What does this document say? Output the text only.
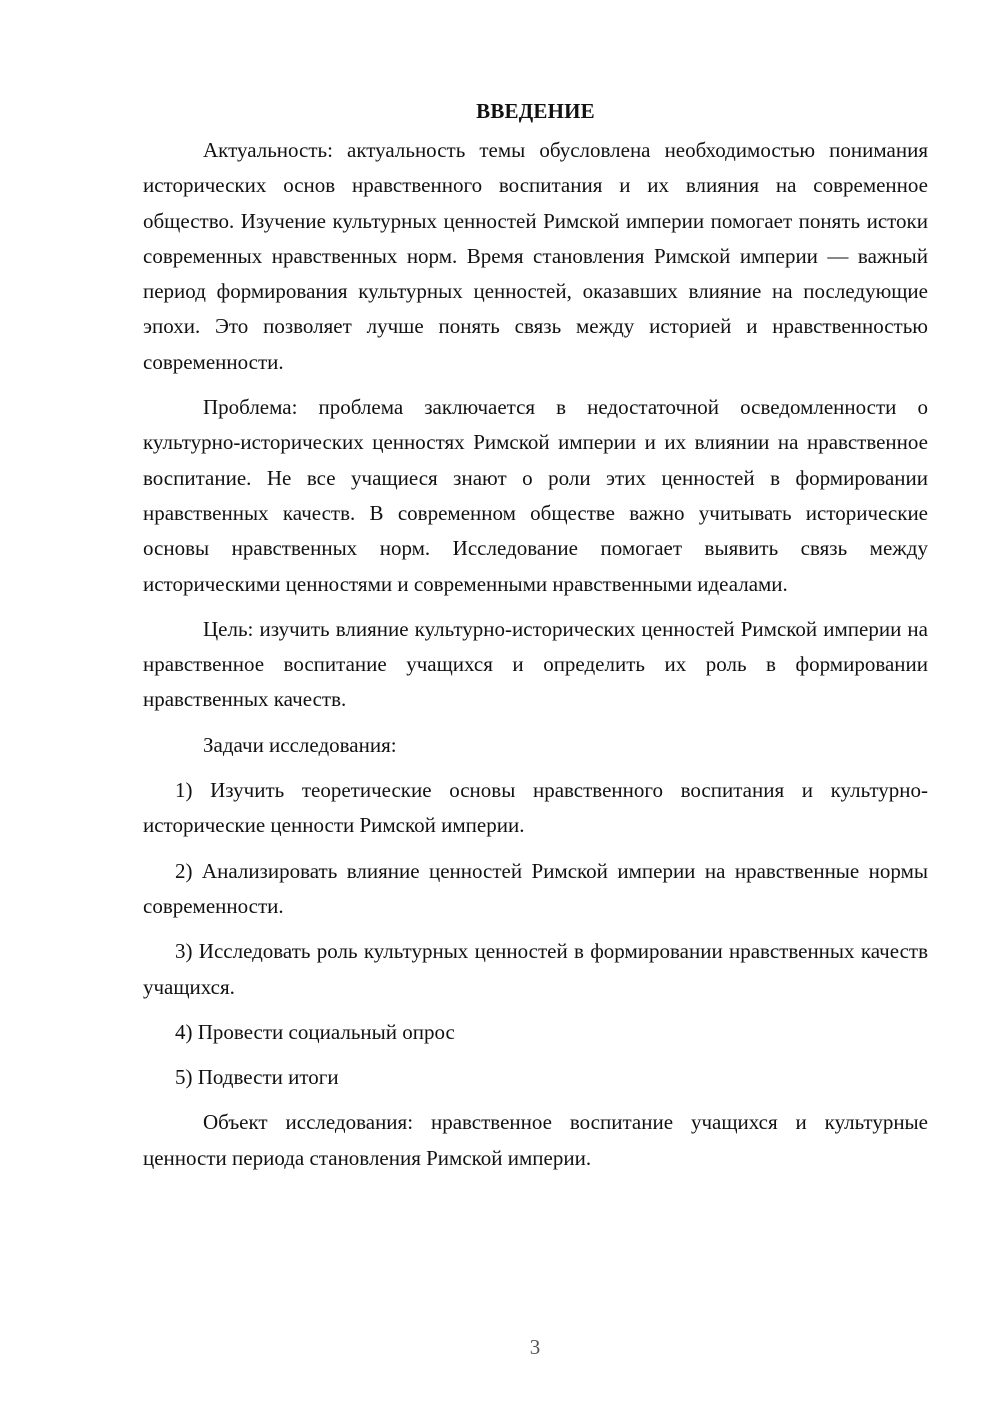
ВВЕДЕНИЕ

Актуальность: актуальность темы обусловлена необходимостью понимания исторических основ нравственного воспитания и их влияния на современное общество. Изучение культурных ценностей Римской империи помогает понять истоки современных нравственных норм. Время становления Римской империи — важный период формирования культурных ценностей, оказавших влияние на последующие эпохи. Это позволяет лучше понять связь между историей и нравственностью современности.

Проблема: проблема заключается в недостаточной осведомленности о культурно-исторических ценностях Римской империи и их влиянии на нравственное воспитание. Не все учащиеся знают о роли этих ценностей в формировании нравственных качеств. В современном обществе важно учитывать исторические основы нравственных норм. Исследование помогает выявить связь между историческими ценностями и современными нравственными идеалами.

Цель: изучить влияние культурно-исторических ценностей Римской империи на нравственное воспитание учащихся и определить их роль в формировании нравственных качеств.

Задачи исследования:

1) Изучить теоретические основы нравственного воспитания и культурно-исторические ценности Римской империи.

2) Анализировать влияние ценностей Римской империи на нравственные нормы современности.

3) Исследовать роль культурных ценностей в формировании нравственных качеств учащихся.

4) Провести социальный опрос

5) Подвести итоги

Объект исследования: нравственное воспитание учащихся и культурные ценности периода становления Римской империи.

3
